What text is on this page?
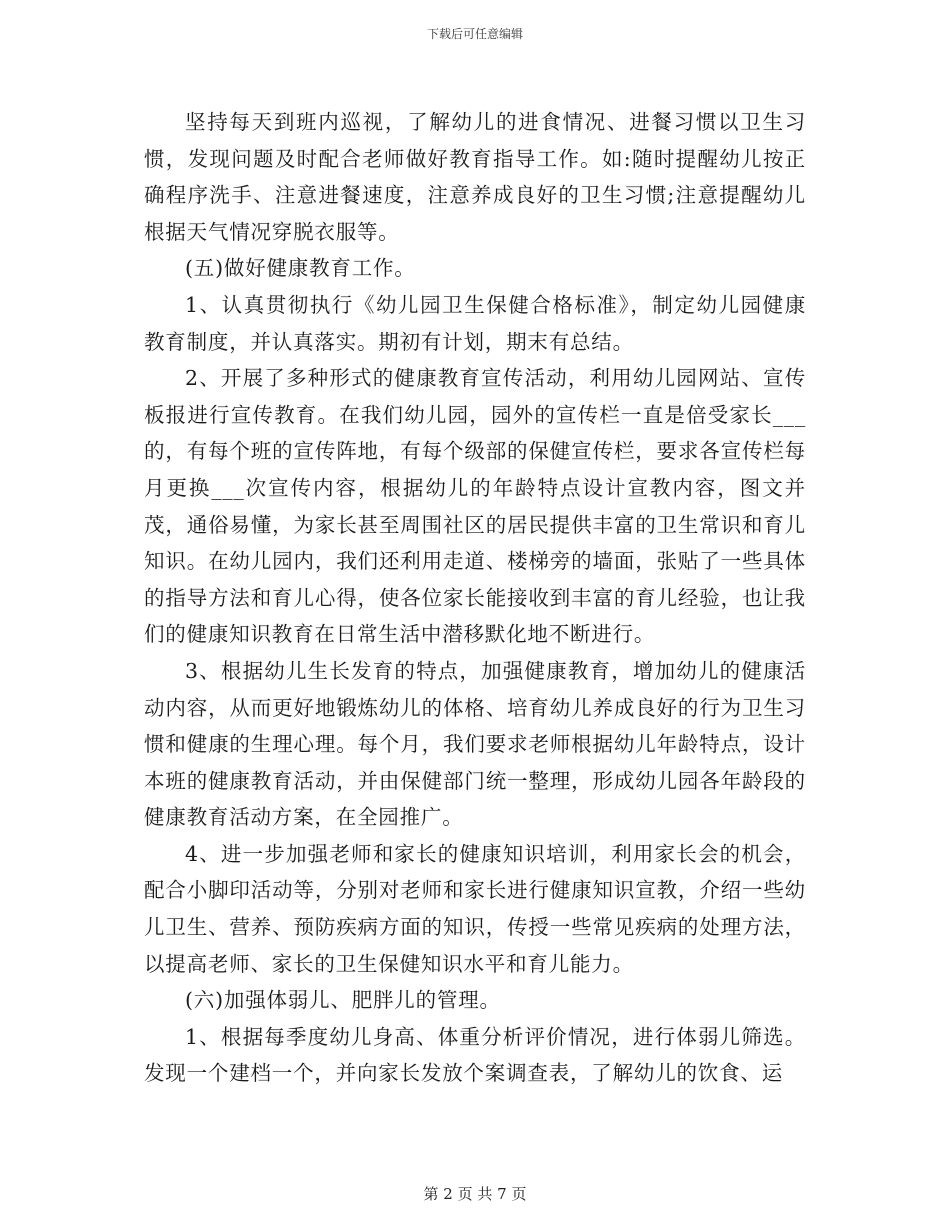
下载后可任意编辑

坚持每天到班内巡视，了解幼儿的进食情况、进餐习惯以卫生习惯，发现问题及时配合老师做好教育指导工作。如:随时提醒幼儿按正确程序洗手、注意进餐速度，注意养成良好的卫生习惯;注意提醒幼儿根据天气情况穿脱衣服等。

(五)做好健康教育工作。

1、认真贯彻执行《幼儿园卫生保健合格标准》，制定幼儿园健康教育制度，并认真落实。期初有计划，期末有总结。

2、开展了多种形式的健康教育宣传活动，利用幼儿园网站、宣传板报进行宣传教育。在我们幼儿园，园外的宣传栏一直是倍受家长___的，有每个班的宣传阵地，有每个级部的保健宣传栏，要求各宣传栏每月更换___次宣传内容，根据幼儿的年龄特点设计宣教内容，图文并茂，通俗易懂，为家长甚至周围社区的居民提供丰富的卫生常识和育儿知识。在幼儿园内，我们还利用走道、楼梯旁的墙面，张贴了一些具体的指导方法和育儿心得，使各位家长能接收到丰富的育儿经验，也让我们的健康知识教育在日常生活中潜移默化地不断进行。

3、根据幼儿生长发育的特点，加强健康教育，增加幼儿的健康活动内容，从而更好地锻炼幼儿的体格、培育幼儿养成良好的行为卫生习惯和健康的生理心理。每个月，我们要求老师根据幼儿年龄特点，设计本班的健康教育活动，并由保健部门统一整理，形成幼儿园各年龄段的健康教育活动方案，在全园推广。

4、进一步加强老师和家长的健康知识培训，利用家长会的机会，配合小脚印活动等，分别对老师和家长进行健康知识宣教，介绍一些幼儿卫生、营养、预防疾病方面的知识，传授一些常见疾病的处理方法，以提高老师、家长的卫生保健知识水平和育儿能力。

(六)加强体弱儿、肥胖儿的管理。

1、根据每季度幼儿身高、体重分析评价情况，进行体弱儿筛选。发现一个建档一个，并向家长发放个案调查表，了解幼儿的饮食、运

第 2 页 共 7 页
